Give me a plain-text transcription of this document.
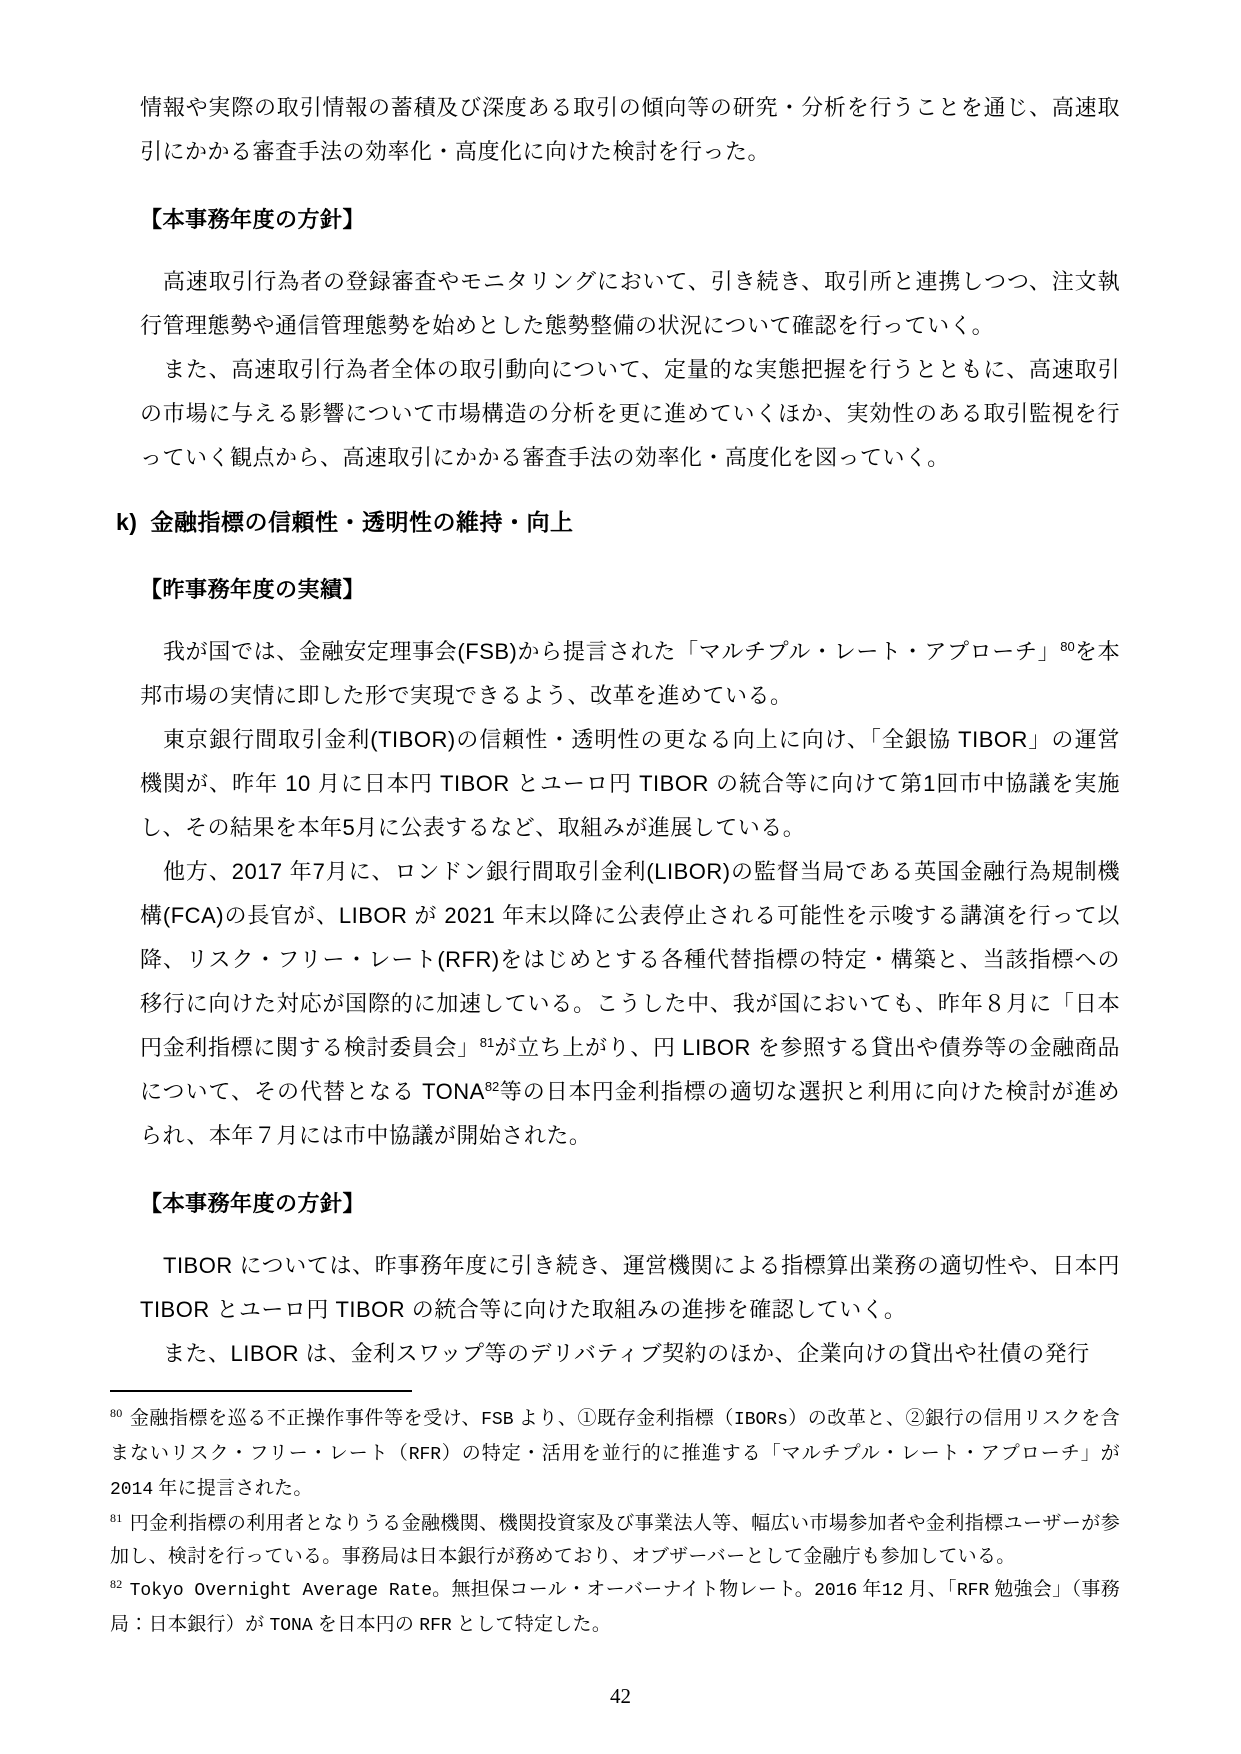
情報や実際の取引情報の蓄積及び深度ある取引の傾向等の研究・分析を行うことを通じ、高速取引にかかる審査手法の効率化・高度化に向けた検討を行った。

【本事務年度の方針】

高速取引行為者の登録審査やモニタリングにおいて、引き続き、取引所と連携しつつ、注文執行管理態勢や通信管理態勢を始めとした態勢整備の状況について確認を行っていく。

また、高速取引行為者全体の取引動向について、定量的な実態把握を行うとともに、高速取引の市場に与える影響について市場構造の分析を更に進めていくほか、実効性のある取引監視を行っていく観点から、高速取引にかかる審査手法の効率化・高度化を図っていく。

k) 金融指標の信頼性・透明性の維持・向上
【昨事務年度の実績】

我が国では、金融安定理事会(FSB)から提言された「マルチプル・レート・アプローチ」$^{80}$を本邦市場の実情に即した形で実現できるよう、改革を進めている。

東京銀行間取引金利(TIBOR)の信頼性・透明性の更なる向上に向け、「全銀協 TIBOR」の運営機関が、昨年 10 月に日本円 TIBOR とユーロ円 TIBOR の統合等に向けて第1回市中協議を実施し、その結果を本年5月に公表するなど、取組みが進展している。

他方、2017 年7月に、ロンドン銀行間取引金利(LIBOR)の監督当局である英国金融行為規制機構(FCA)の長官が、LIBOR が 2021 年末以降に公表停止される可能性を示唆する講演を行って以降、リスク・フリー・レート(RFR)をはじめとする各種代替指標の特定・構築と、当該指標への移行に向けた対応が国際的に加速している。こうした中、我が国においても、昨年８月に「日本円金利指標に関する検討委員会」$^{81}$が立ち上がり、円 LIBOR を参照する貸出や債券等の金融商品について、その代替となる TONA$^{82}$等の日本円金利指標の適切な選択と利用に向けた検討が進められ、本年７月には市中協議が開始された。

【本事務年度の方針】

TIBOR については、昨事務年度に引き続き、運営機関による指標算出業務の適切性や、日本円 TIBOR とユーロ円 TIBOR の統合等に向けた取組みの進捗を確認していく。

また、LIBOR は、金利スワップ等のデリバティブ契約のほか、企業向けの貸出や社債の発行

$^{80}$ 金融指標を巡る不正操作事件等を受け、FSB より、①既存金利指標（IBORs）の改革と、②銀行の信用リスクを含まないリスク・フリー・レート（RFR）の特定・活用を並行的に推進する「マルチプル・レート・アプローチ」が 2014 年に提言された。

$^{81}$ 円金利指標の利用者となりうる金融機関、機関投資家及び事業法人等、幅広い市場参加者や金利指標ユーザーが参加し、検討を行っている。事務局は日本銀行が務めており、オブザーバーとして金融庁も参加している。

$^{82}$ Tokyo Overnight Average Rate。無担保コール・オーバーナイト物レート。2016 年12 月、「RFR 勉強会」（事務局：日本銀行）が TONA を日本円の RFR として特定した。

42
